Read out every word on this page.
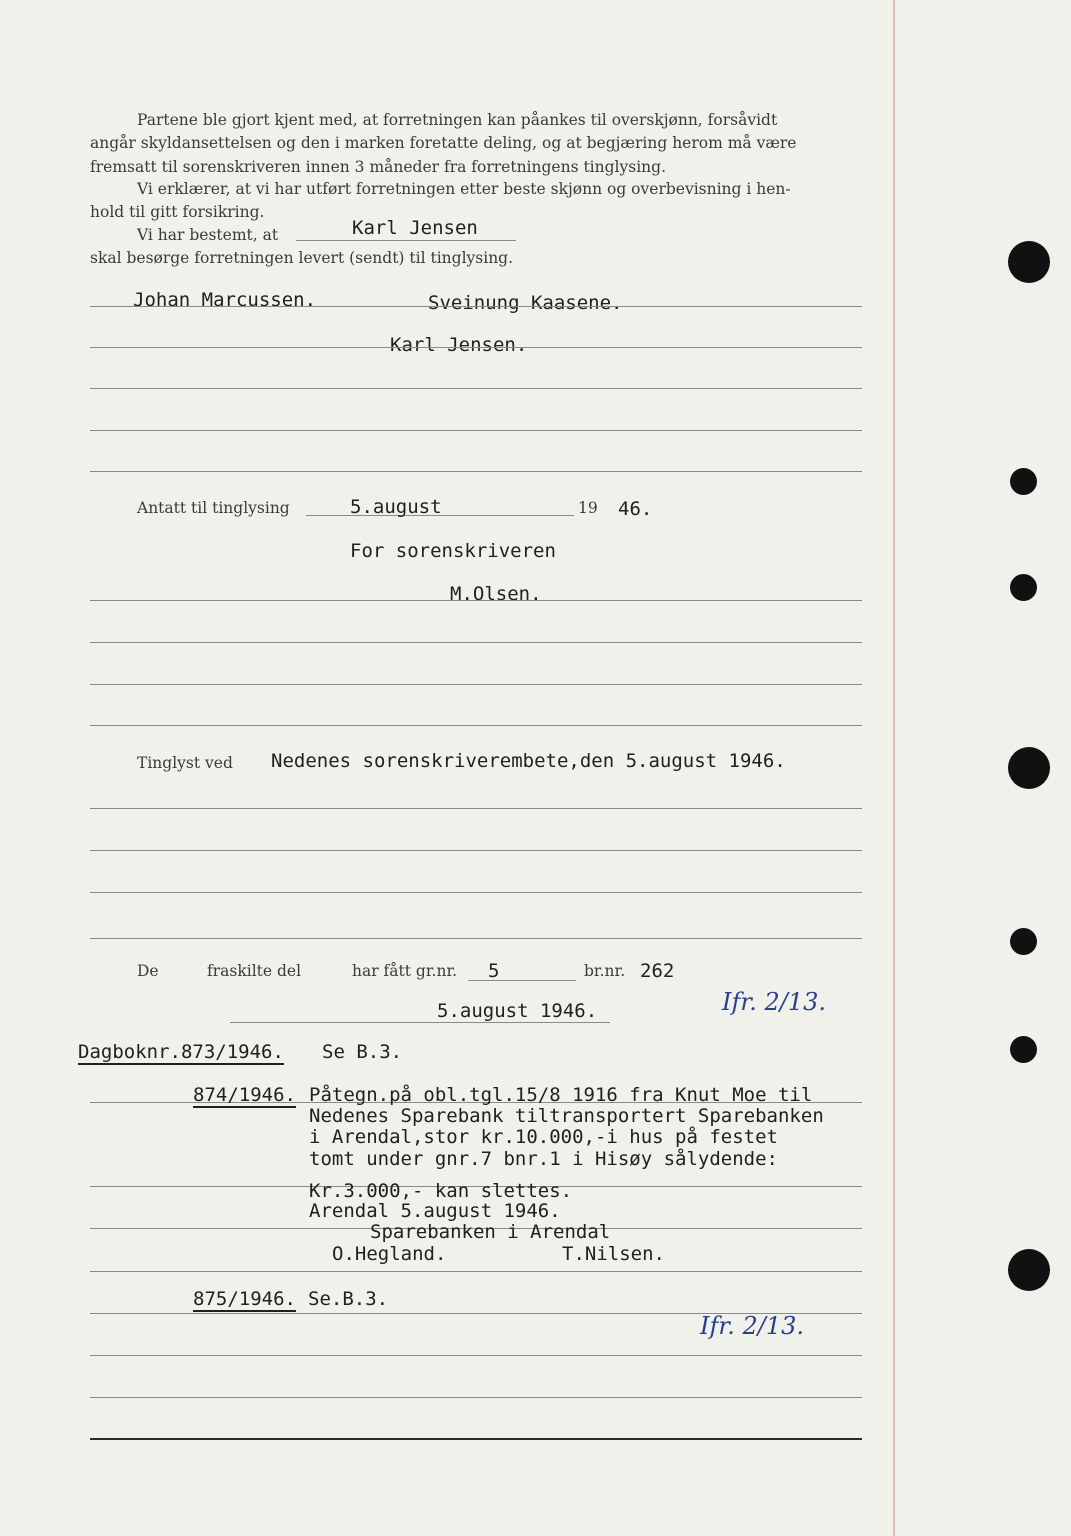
Partene ble gjort kjent med, at forretningen kan påankes til overskjønn, forsåvidt
angår skyldansettelsen og den i marken foretatte deling, og at begjæring herom må være
fremsatt til sorenskriveren innen 3 måneder fra forretningens tinglysing.
Vi erklærer, at vi har utført forretningen etter beste skjønn og overbevisning i hen-
hold til gitt forsikring.
Vi har bestemt, at	Karl Jensen
skal besørge forretningen levert (sendt) til tinglysing.
Johan Marcussen.	Sveinung Kaasene.
Karl Jensen.
Antatt til tinglysing	5.august	19 46.
For sorenskriveren
M.Olsen.
Tinglyst ved Nedenes sorenskriverembete,den 5.august 1946.
De	fraskilte del	har fått gr.nr. 5	br.nr. 262
5.august 1946.	Ifr. 2/13.
Dagboknr.873/1946. Se B.3.
874/1946. Påtegn.på obl.tgl.15/8 1916 fra Knut Moe til
Nedenes Sparebank tiltransportert Sparebanken
i Arendal,stor kr.10.000,-i hus på festet
tomt under gnr.7 bnr.1 i Hisøy sålydende:
Kr.3.000,- kan slettes.
Arendal 5.august 1946.
Sparebanken i Arendal
O.Hegland.	T.Nilsen.
875/1946. Se.B.3.
Ifr. 2/13.
